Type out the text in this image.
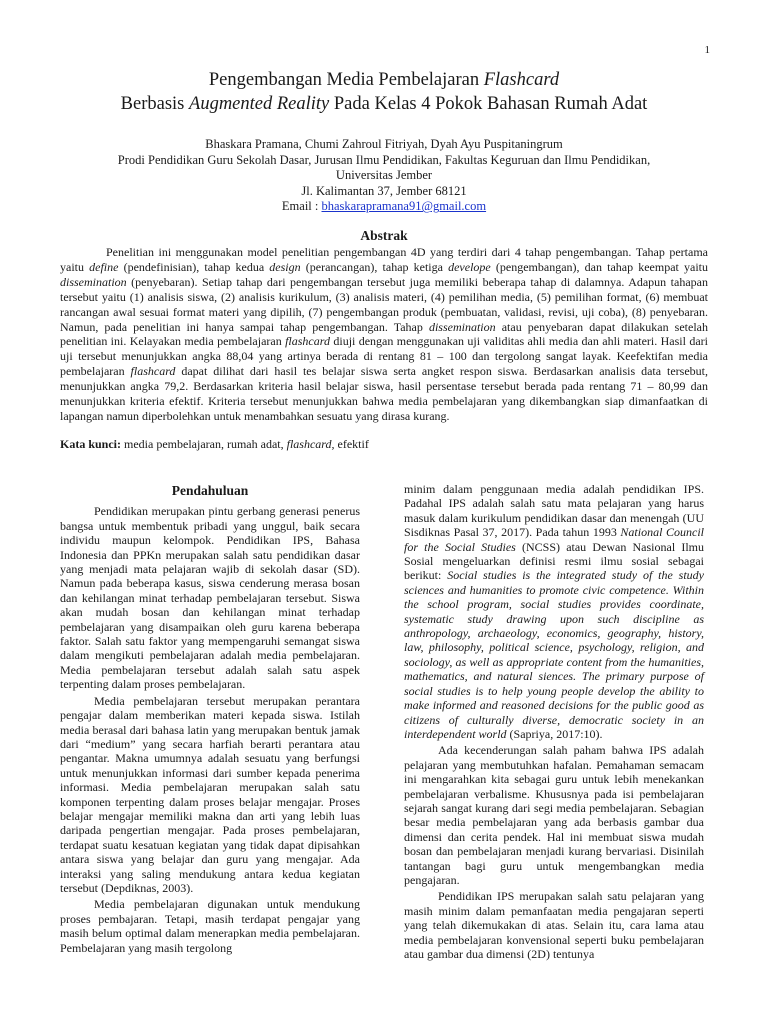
1
Pengembangan Media Pembelajaran Flashcard
Berbasis Augmented Reality Pada Kelas 4 Pokok Bahasan Rumah Adat
Bhaskara Pramana, Chumi Zahroul Fitriyah, Dyah Ayu Puspitaningrum
Prodi Pendidikan Guru Sekolah Dasar, Jurusan Ilmu Pendidikan, Fakultas Keguruan dan Ilmu Pendidikan,
Universitas Jember
Jl. Kalimantan 37, Jember 68121
Email : bhaskarapramana91@gmail.com
Abstrak

Penelitian ini menggunakan model penelitian pengembangan 4D yang terdiri dari 4 tahap pengembangan. Tahap pertama yaitu define (pendefinisian), tahap kedua design (perancangan), tahap ketiga develope (pengembangan), dan tahap keempat yaitu dissemination (penyebaran). Setiap tahap dari pengembangan tersebut juga memiliki beberapa tahap di dalamnya. Adapun tahapan tersebut yaitu (1) analisis siswa, (2) analisis kurikulum, (3) analisis materi, (4) pemilihan media, (5) pemilihan format, (6) membuat rancangan awal sesuai format materi yang dipilih, (7) pengembangan produk (pembuatan, validasi, revisi, uji coba), (8) penyebaran. Namun, pada penelitian ini hanya sampai tahap pengembangan. Tahap dissemination atau penyebaran dapat dilakukan setelah penelitian ini. Kelayakan media pembelajaran flashcard diuji dengan menggunakan uji validitas ahli media dan ahli materi. Hasil dari uji tersebut menunjukkan angka 88,04 yang artinya berada di rentang 81 – 100 dan tergolong sangat layak. Keefektifan media pembelajaran flashcard dapat dilihat dari hasil tes belajar siswa serta angket respon siswa. Berdasarkan analisis data tersebut, menunjukkan angka 79,2. Berdasarkan kriteria hasil belajar siswa, hasil persentase tersebut berada pada rentang 71 – 80,99 dan menunjukkan kriteria efektif. Kriteria tersebut menunjukkan bahwa media pembelajaran yang dikembangkan siap dimanfaatkan di lapangan namun diperbolehkan untuk menambahkan sesuatu yang dirasa kurang.

Kata kunci: media pembelajaran, rumah adat, flashcard, efektif
Pendahuluan

Pendidikan merupakan pintu gerbang generasi penerus bangsa untuk membentuk pribadi yang unggul, baik secara individu maupun kelompok. Pendidikan IPS, Bahasa Indonesia dan PPKn merupakan salah satu pendidikan dasar yang menjadi mata pelajaran wajib di sekolah dasar (SD). Namun pada beberapa kasus, siswa cenderung merasa bosan dan kehilangan minat terhadap pembelajaran tersebut. Siswa akan mudah bosan dan kehilangan minat terhadap pembelajaran yang disampaikan oleh guru karena beberapa faktor. Salah satu faktor yang mempengaruhi semangat siswa dalam mengikuti pembelajaran adalah media pembelajaran. Media pembelajaran tersebut adalah salah satu aspek terpenting dalam proses pembelajaran.

Media pembelajaran tersebut merupakan perantara pengajar dalam memberikan materi kepada siswa. Istilah media berasal dari bahasa latin yang merupakan bentuk jamak dari “medium” yang secara harfiah berarti perantara atau pengantar. Makna umumnya adalah sesuatu yang berfungsi untuk menunjukkan informasi dari sumber kepada penerima informasi. Media pembelajaran merupakan salah satu komponen terpenting dalam proses belajar mengajar. Proses belajar mengajar memiliki makna dan arti yang lebih luas daripada pengertian mengajar. Pada proses pembelajaran, terdapat suatu kesatuan kegiatan yang tidak dapat dipisahkan antara siswa yang belajar dan guru yang mengajar. Ada interaksi yang saling mendukung antara kedua kegiatan tersebut (Depdiknas, 2003).

Media pembelajaran digunakan untuk mendukung proses pembajaran. Tetapi, masih terdapat pengajar yang masih belum optimal dalam menerapkan media pembelajaran. Pembelajaran yang masih tergolong

minim dalam penggunaan media adalah pendidikan IPS. Padahal IPS adalah salah satu mata pelajaran yang harus masuk dalam kurikulum pendidikan dasar dan menengah (UU Sisdiknas Pasal 37, 2017). Pada tahun 1993 National Council for the Social Studies (NCSS) atau Dewan Nasional Ilmu Sosial mengeluarkan definisi resmi ilmu sosial sebagai berikut: Social studies is the integrated study of the study sciences and humanities to promote civic competence. Within the school program, social studies provides coordinate, systematic study drawing upon such discipline as anthropology, archaeology, economics, geography, history, law, philosophy, political science, psychology, religion, and sociology, as well as appropriate content from the humanities, mathematics, and natural siences. The primary purpose of social studies is to help young people develop the ability to make informed and reasoned decisions for the public good as citizens of culturally diverse, democratic society in an interdependent world (Sapriya, 2017:10).

Ada kecenderungan salah paham bahwa IPS adalah pelajaran yang membutuhkan hafalan. Pemahaman semacam ini mengarahkan kita sebagai guru untuk lebih menekankan pembelajaran verbalisme. Khususnya pada isi pembelajaran sejarah sangat kurang dari segi media pembelajaran. Sebagian besar media pembelajaran yang ada berbasis gambar dua dimensi dan cerita pendek. Hal ini membuat siswa mudah bosan dan pembelajaran menjadi kurang bervariasi. Disinilah tantangan bagi guru untuk mengembangkan media pengajaran.

Pendidikan IPS merupakan salah satu pelajaran yang masih minim dalam pemanfaatan media pengajaran seperti yang telah dikemukakan di atas. Selain itu, cara lama atau media pembelajaran konvensional seperti buku pembelajaran atau gambar dua dimensi (2D) tentunya
